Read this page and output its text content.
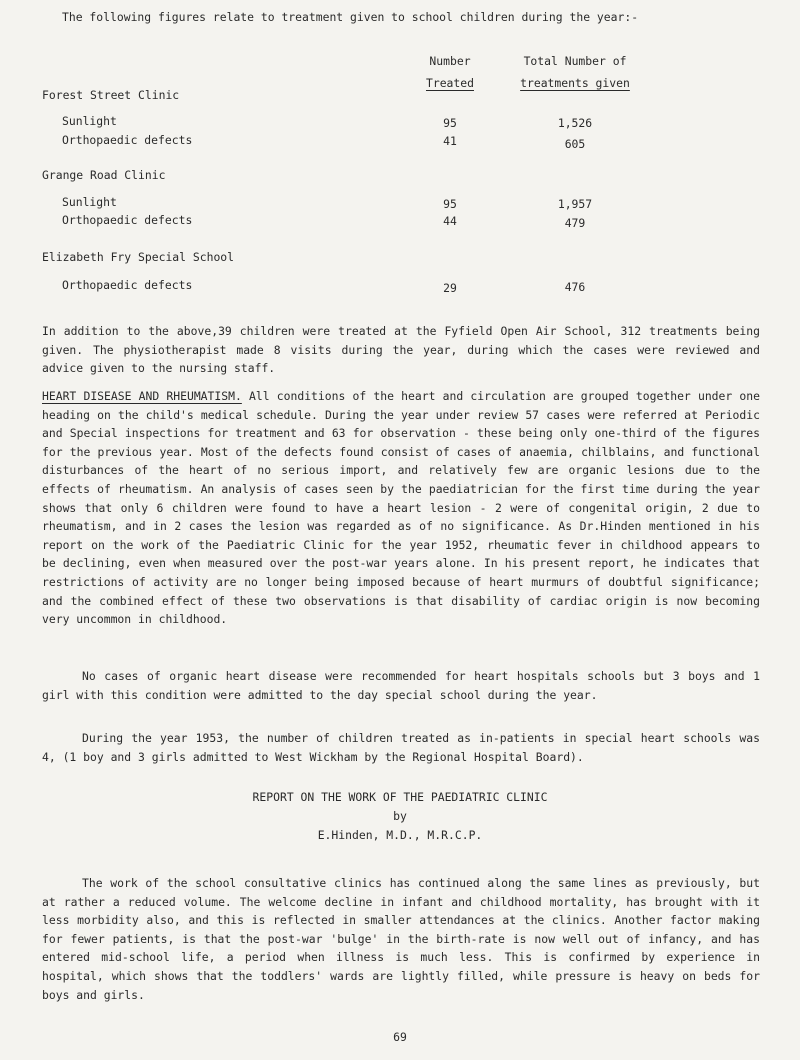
The following figures relate to treatment given to school children during the year:-
Number
Treated
Total Number of
treatments given
Forest Street Clinic
Sunlight	95	1,526
Orthopaedic defects	41	605
Grange Road Clinic
Sunlight	95	1,957
Orthopaedic defects	44	479
Elizabeth Fry Special School
Orthopaedic defects	29	476
In addition to the above,39 children were treated at the Fyfield Open Air School, 312 treatments being given. The physiotherapist made 8 visits during the year, during which the cases were reviewed and advice given to the nursing staff.
HEART DISEASE AND RHEUMATISM. All conditions of the heart and circulation are grouped together under one heading on the child's medical schedule. During the year under review 57 cases were referred at Periodic and Special inspections for treatment and 63 for observation - these being only one-third of the figures for the previous year. Most of the defects found consist of cases of anaemia, chilblains, and functional disturbances of the heart of no serious import, and relatively few are organic lesions due to the effects of rheumatism. An analysis of cases seen by the paediatrician for the first time during the year shows that only 6 children were found to have a heart lesion - 2 were of congenital origin, 2 due to rheumatism, and in 2 cases the lesion was regarded as of no significance. As Dr.Hinden mentioned in his report on the work of the Paediatric Clinic for the year 1952, rheumatic fever in childhood appears to be declining, even when measured over the post-war years alone. In his present report, he indicates that restrictions of activity are no longer being imposed because of heart murmurs of doubtful significance; and the combined effect of these two observations is that disability of cardiac origin is now becoming very uncommon in childhood.
No cases of organic heart disease were recommended for heart hospitals schools but 3 boys and 1 girl with this condition were admitted to the day special school during the year.
During the year 1953, the number of children treated as in-patients in special heart schools was 4, (1 boy and 3 girls admitted to West Wickham by the Regional Hospital Board).
REPORT ON THE WORK OF THE PAEDIATRIC CLINIC
by
E.Hinden, M.D., M.R.C.P.
The work of the school consultative clinics has continued along the same lines as previously, but at rather a reduced volume. The welcome decline in infant and childhood mortality, has brought with it less morbidity also, and this is reflected in smaller attendances at the clinics. Another factor making for fewer patients, is that the post-war 'bulge' in the birth-rate is now well out of infancy, and has entered mid-school life, a period when illness is much less. This is confirmed by experience in hospital, which shows that the toddlers' wards are lightly filled, while pressure is heavy on beds for boys and girls.
69
